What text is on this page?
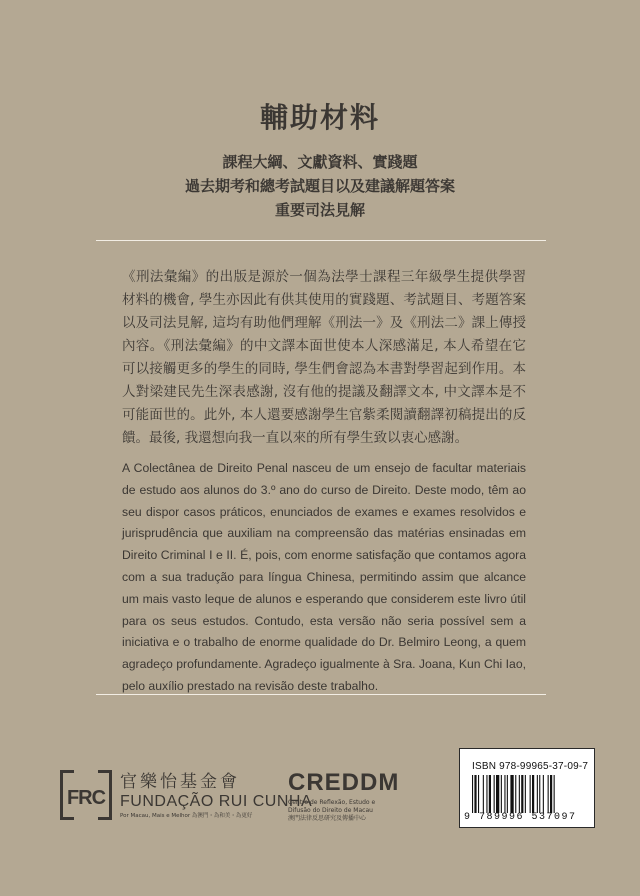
輔助材料
課程大綱、文獻資料、實踐題
過去期考和總考試題目以及建議解題答案
重要司法見解
《刑法彙編》的出版是源於一個為法學士課程三年級學生提供學習材料的機會, 學生亦因此有供其使用的實踐題、考試題目、考題答案以及司法見解, 這均有助他們理解《刑法一》及《刑法二》課上傳授內容。《刑法彙編》的中文譯本面世使本人深感滿足, 本人希望在它可以接觸更多的學生的同時, 學生們會認為本書對學習起到作用。本人對梁建民先生深表感謝, 沒有他的提議及翻譯文本, 中文譯本是不可能面世的。此外, 本人還要感謝學生官紫柔閱讀翻譯初稿提出的反饋。最後, 我還想向我一直以來的所有學生致以衷心感謝。
A Colectânea de Direito Penal nasceu de um ensejo de facultar materiais de estudo aos alunos do 3.º ano do curso de Direito. Deste modo, têm ao seu dispor casos práticos, enunciados de exames e exames resolvidos e jurisprudência que auxiliam na compreensão das matérias ensinadas em Direito Criminal I e II. É, pois, com enorme satisfação que contamos agora com a sua tradução para língua Chinesa, permitindo assim que alcance um mais vasto leque de alunos e esperando que considerem este livro útil para os seus estudos. Contudo, esta versão não seria possível sem a iniciativa e o trabalho de enorme qualidade do Dr. Belmiro Leong, a quem agradeço profundamente. Agradeço igualmente à Sra. Joana, Kun Chi Iao, pelo auxílio prestado na revisão deste trabalho.
FRC
官樂怡基金會
FUNDAÇÃO RUI CUNHA
Por Macau, Mais e Melhor 為澳門・為和美・為更好
CREDDM
Centro de Reflexão, Estudo e Difusão do Direito de Macau
澳門法律反思研究及傳播中心
ISBN 978-99965-37-09-7
9 789996 537097
